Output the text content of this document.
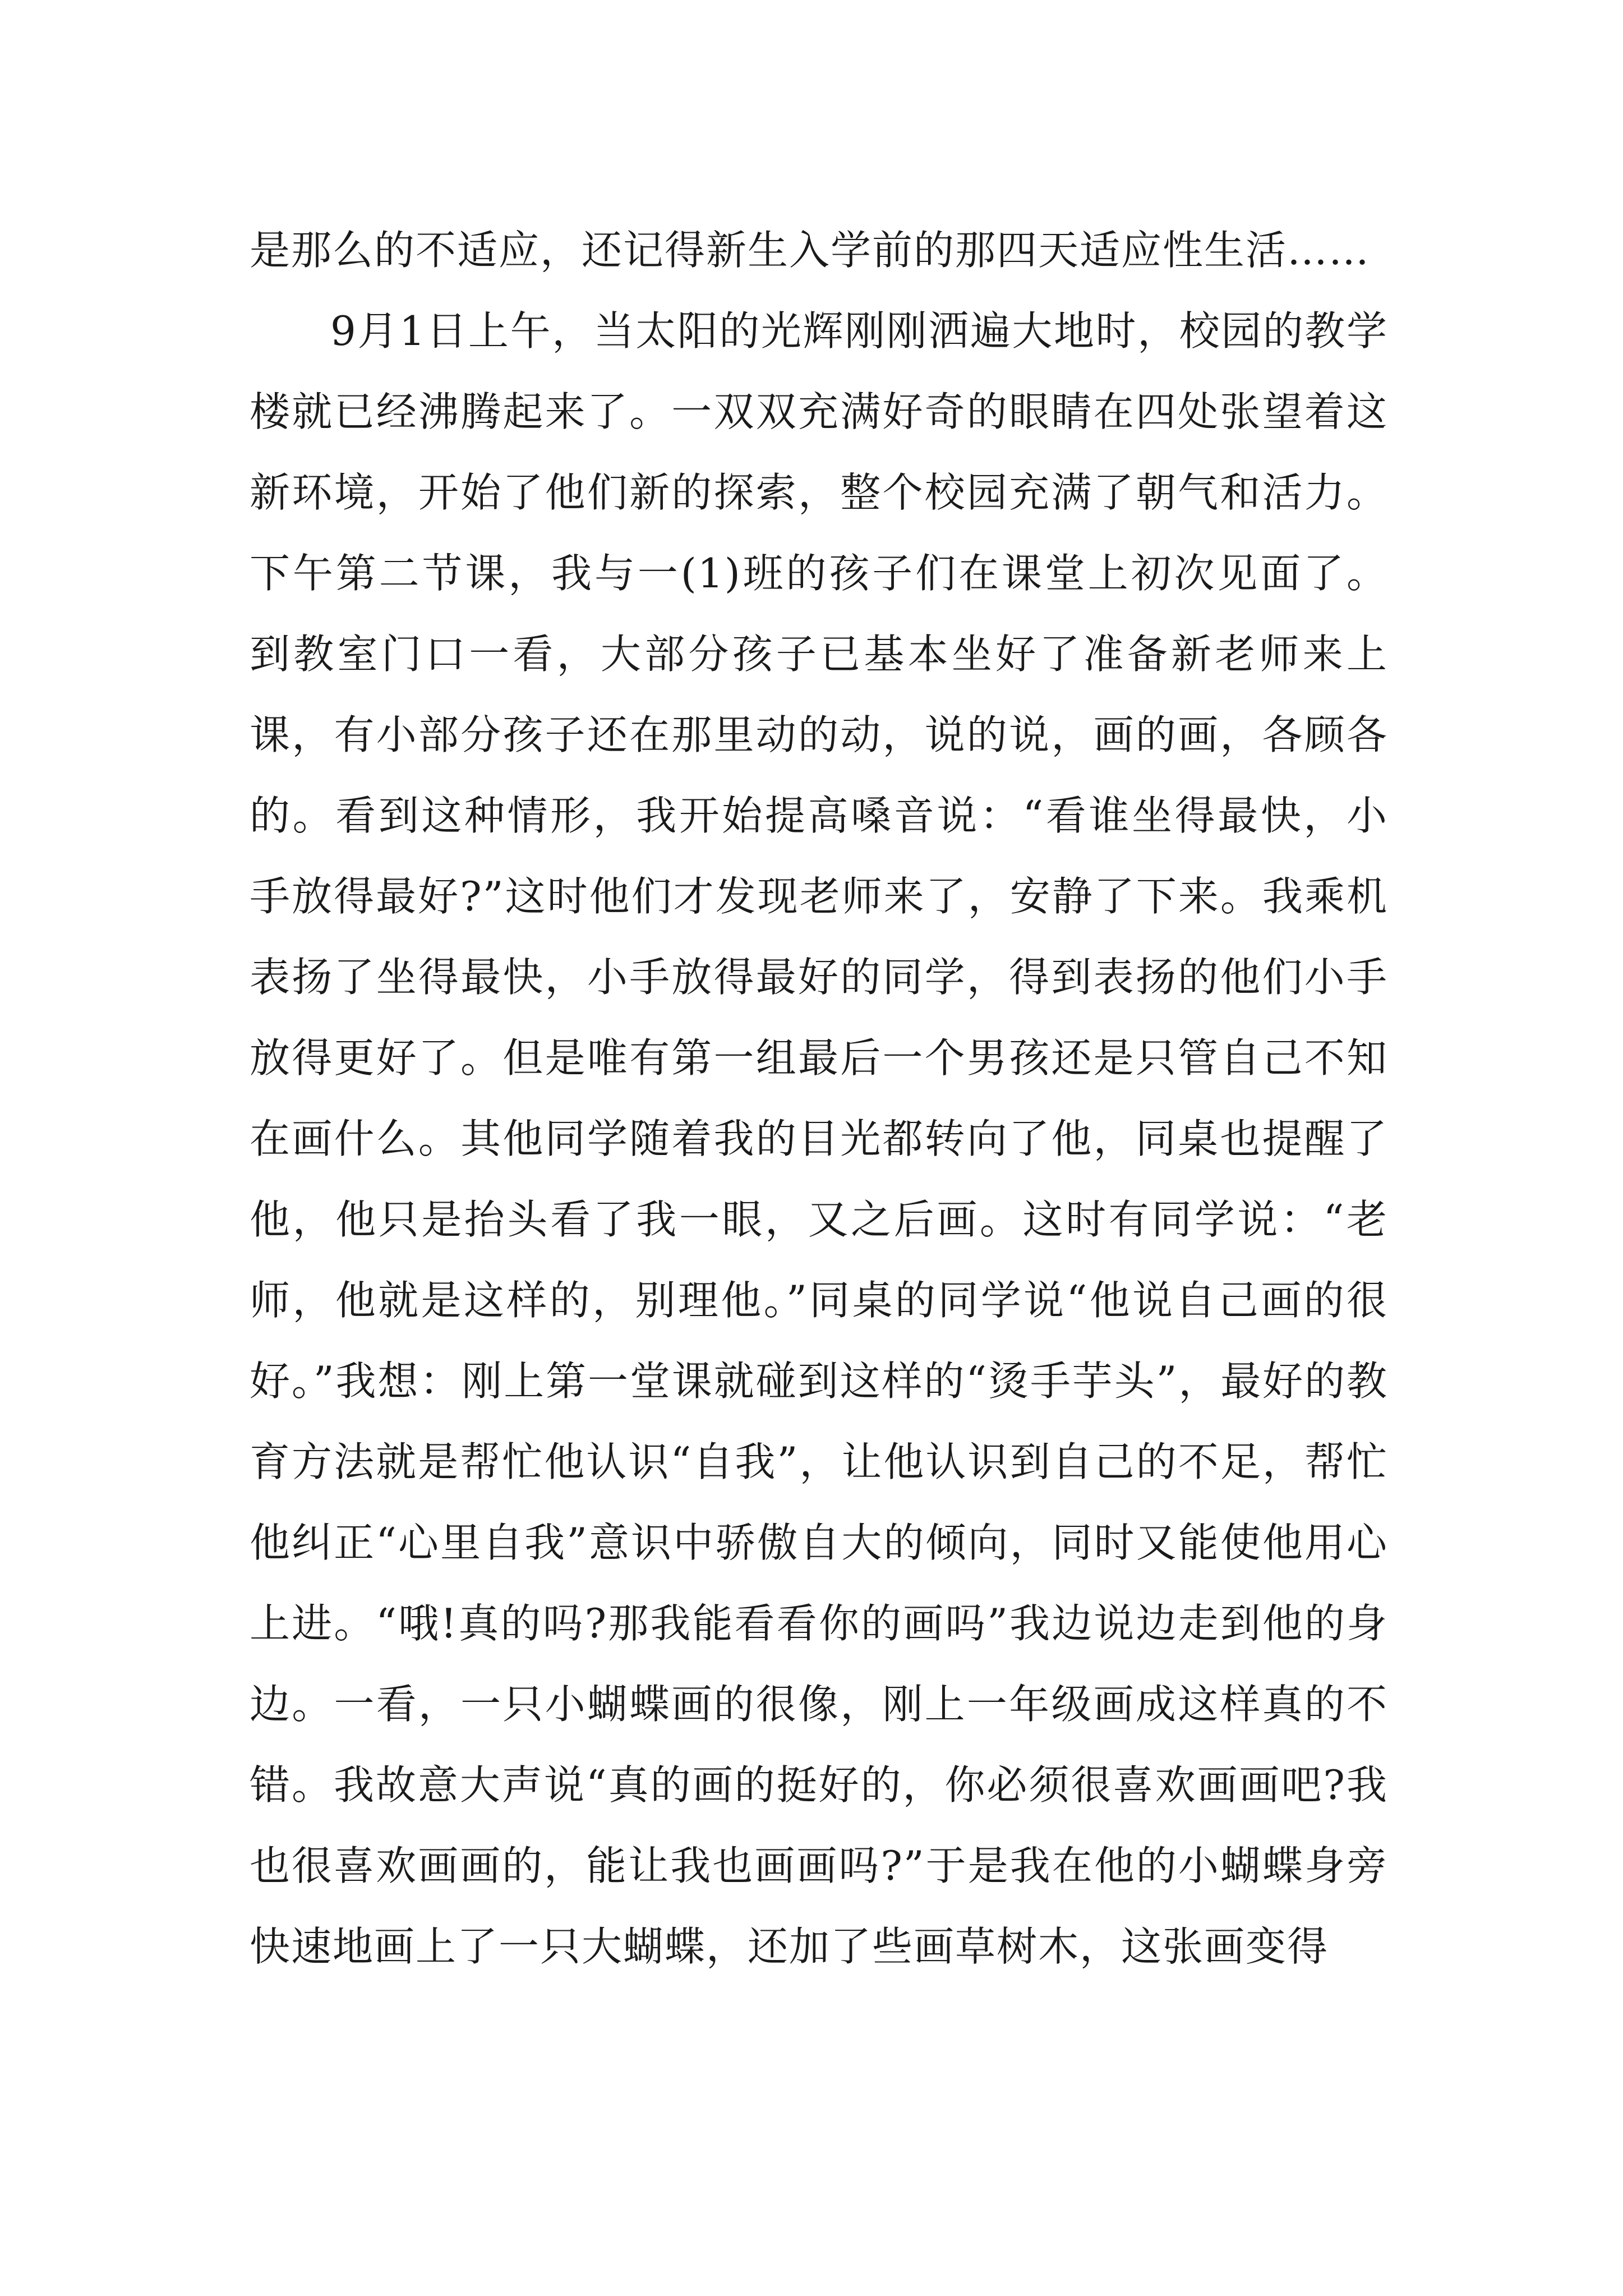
是那么的不适应，还记得新生入学前的那四天适应性生活……

9月1日上午，当太阳的光辉刚刚洒遍大地时，校园的教学楼就已经沸腾起来了。一双双充满好奇的眼睛在四处张望着这新环境，开始了他们新的探索，整个校园充满了朝气和活力。下午第二节课，我与一(1)班的孩子们在课堂上初次见面了。到教室门口一看，大部分孩子已基本坐好了准备新老师来上课，有小部分孩子还在那里动的动，说的说，画的画，各顾各的。看到这种情形，我开始提高嗓音说：“看谁坐得最快，小手放得最好?”这时他们才发现老师来了，安静了下来。我乘机表扬了坐得最快，小手放得最好的同学，得到表扬的他们小手放得更好了。但是唯有第一组最后一个男孩还是只管自己不知在画什么。其他同学随着我的目光都转向了他，同桌也提醒了他，他只是抬头看了我一眼，又之后画。这时有同学说：“老师，他就是这样的，别理他。”同桌的同学说“他说自己画的很好。”我想：刚上第一堂课就碰到这样的“烫手芋头”，最好的教育方法就是帮忙他认识“自我”，让他认识到自己的不足，帮忙他纠正“心里自我”意识中骄傲自大的倾向，同时又能使他用心上进。“哦!真的吗?那我能看看你的画吗”我边说边走到他的身边。一看，一只小蝴蝶画的很像，刚上一年级画成这样真的不错。我故意大声说“真的画的挺好的，你必须很喜欢画画吧?我也很喜欢画画的，能让我也画画吗?”于是我在他的小蝴蝶身旁快速地画上了一只大蝴蝶，还加了些画草树木，这张画变得
